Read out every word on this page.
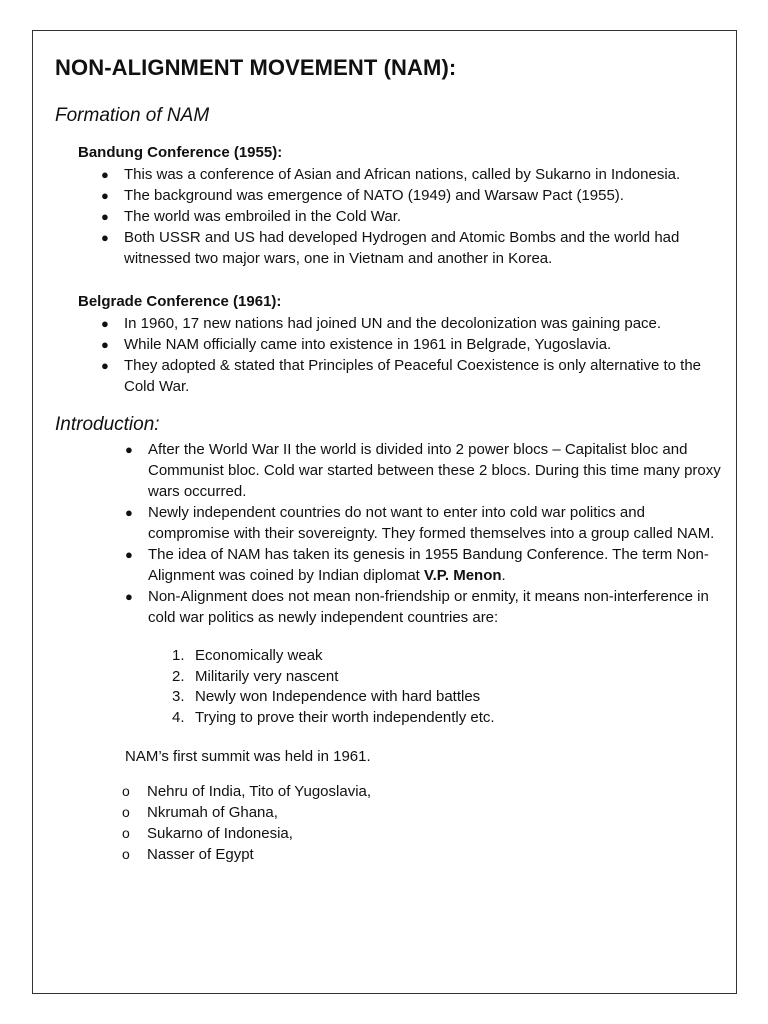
NON-ALIGNMENT MOVEMENT (NAM):
Formation of NAM
Bandung Conference (1955):
● This was a conference of Asian and African nations, called by Sukarno in Indonesia.
● The background was emergence of NATO (1949) and Warsaw Pact (1955).
● The world was embroiled in the Cold War.
● Both USSR and US had developed Hydrogen and Atomic Bombs and the world had witnessed two major wars, one in Vietnam and another in Korea.
Belgrade Conference (1961):
● In 1960, 17 new nations had joined UN and the decolonization was gaining pace.
● While NAM officially came into existence in 1961 in Belgrade, Yugoslavia.
● They adopted & stated that Principles of Peaceful Coexistence is only alternative to the Cold War.
Introduction:
● After the World War II the world is divided into 2 power blocs – Capitalist bloc and Communist bloc. Cold war started between these 2 blocs. During this time many proxy wars occurred.
● Newly independent countries do not want to enter into cold war politics and compromise with their sovereignty. They formed themselves into a group called NAM.
● The idea of NAM has taken its genesis in 1955 Bandung Conference. The term Non-Alignment was coined by Indian diplomat V.P. Menon.
● Non-Alignment does not mean non-friendship or enmity, it means non-interference in cold war politics as newly independent countries are:
1. Economically weak
2. Militarily very nascent
3. Newly won Independence with hard battles
4. Trying to prove their worth independently etc.

NAM’s first summit was held in 1961.

o Nehru of India, Tito of Yugoslavia,
o Nkrumah of Ghana,
o Sukarno of Indonesia,
o Nasser of Egypt
